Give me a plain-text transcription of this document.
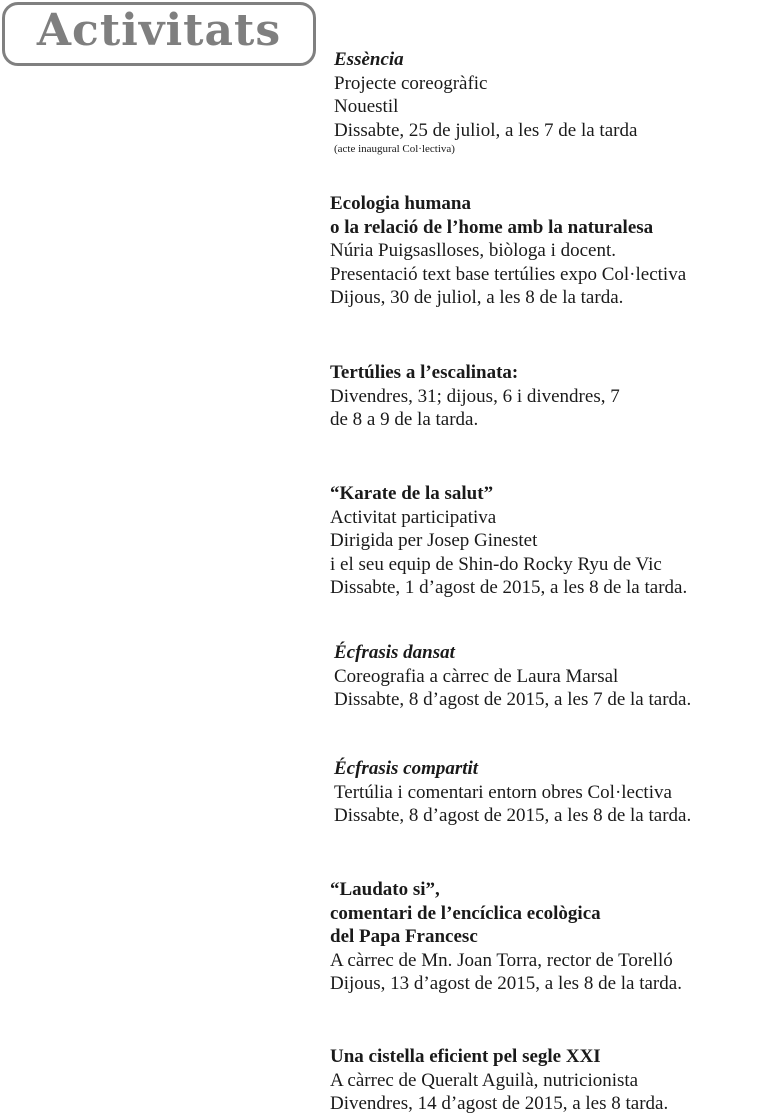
Activitats
Essència
Projecte coreogràfic
Nouestil
Dissabte, 25 de juliol, a les 7 de la tarda
(acte inaugural Col·lectiva)
Ecologia humana
o la relació de l’home amb la naturalesa
Núria Puigsaslloses, biòloga i docent.
Presentació text base tertúlies expo Col·lectiva
Dijous, 30 de juliol, a les 8 de la tarda.
Tertúlies a l’escalinata:
Divendres, 31; dijous, 6 i divendres, 7
de 8 a 9 de la tarda.
“Karate de la salut”
Activitat participativa
Dirigida per Josep Ginestet
i el seu equip de Shin-do Rocky Ryu de Vic
Dissabte, 1 d’agost de 2015, a les 8 de la tarda.
Écfrasis dansat
Coreografia a càrrec de Laura Marsal
Dissabte, 8 d’agost de 2015, a les 7 de la tarda.
Écfrasis compartit
Tertúlia i comentari entorn obres Col·lectiva
Dissabte, 8 d’agost de 2015, a les 8 de la tarda.
“Laudato si”,
comentari de l’encíclica ecològica
del Papa Francesc
A càrrec de Mn. Joan Torra, rector de Torelló
Dijous, 13 d’agost de 2015, a les 8 de la tarda.
Una cistella eficient pel segle XXI
A càrrec de Queralt Aguilà, nutricionista
Divendres, 14 d’agost de 2015, a les 8 tarda.
